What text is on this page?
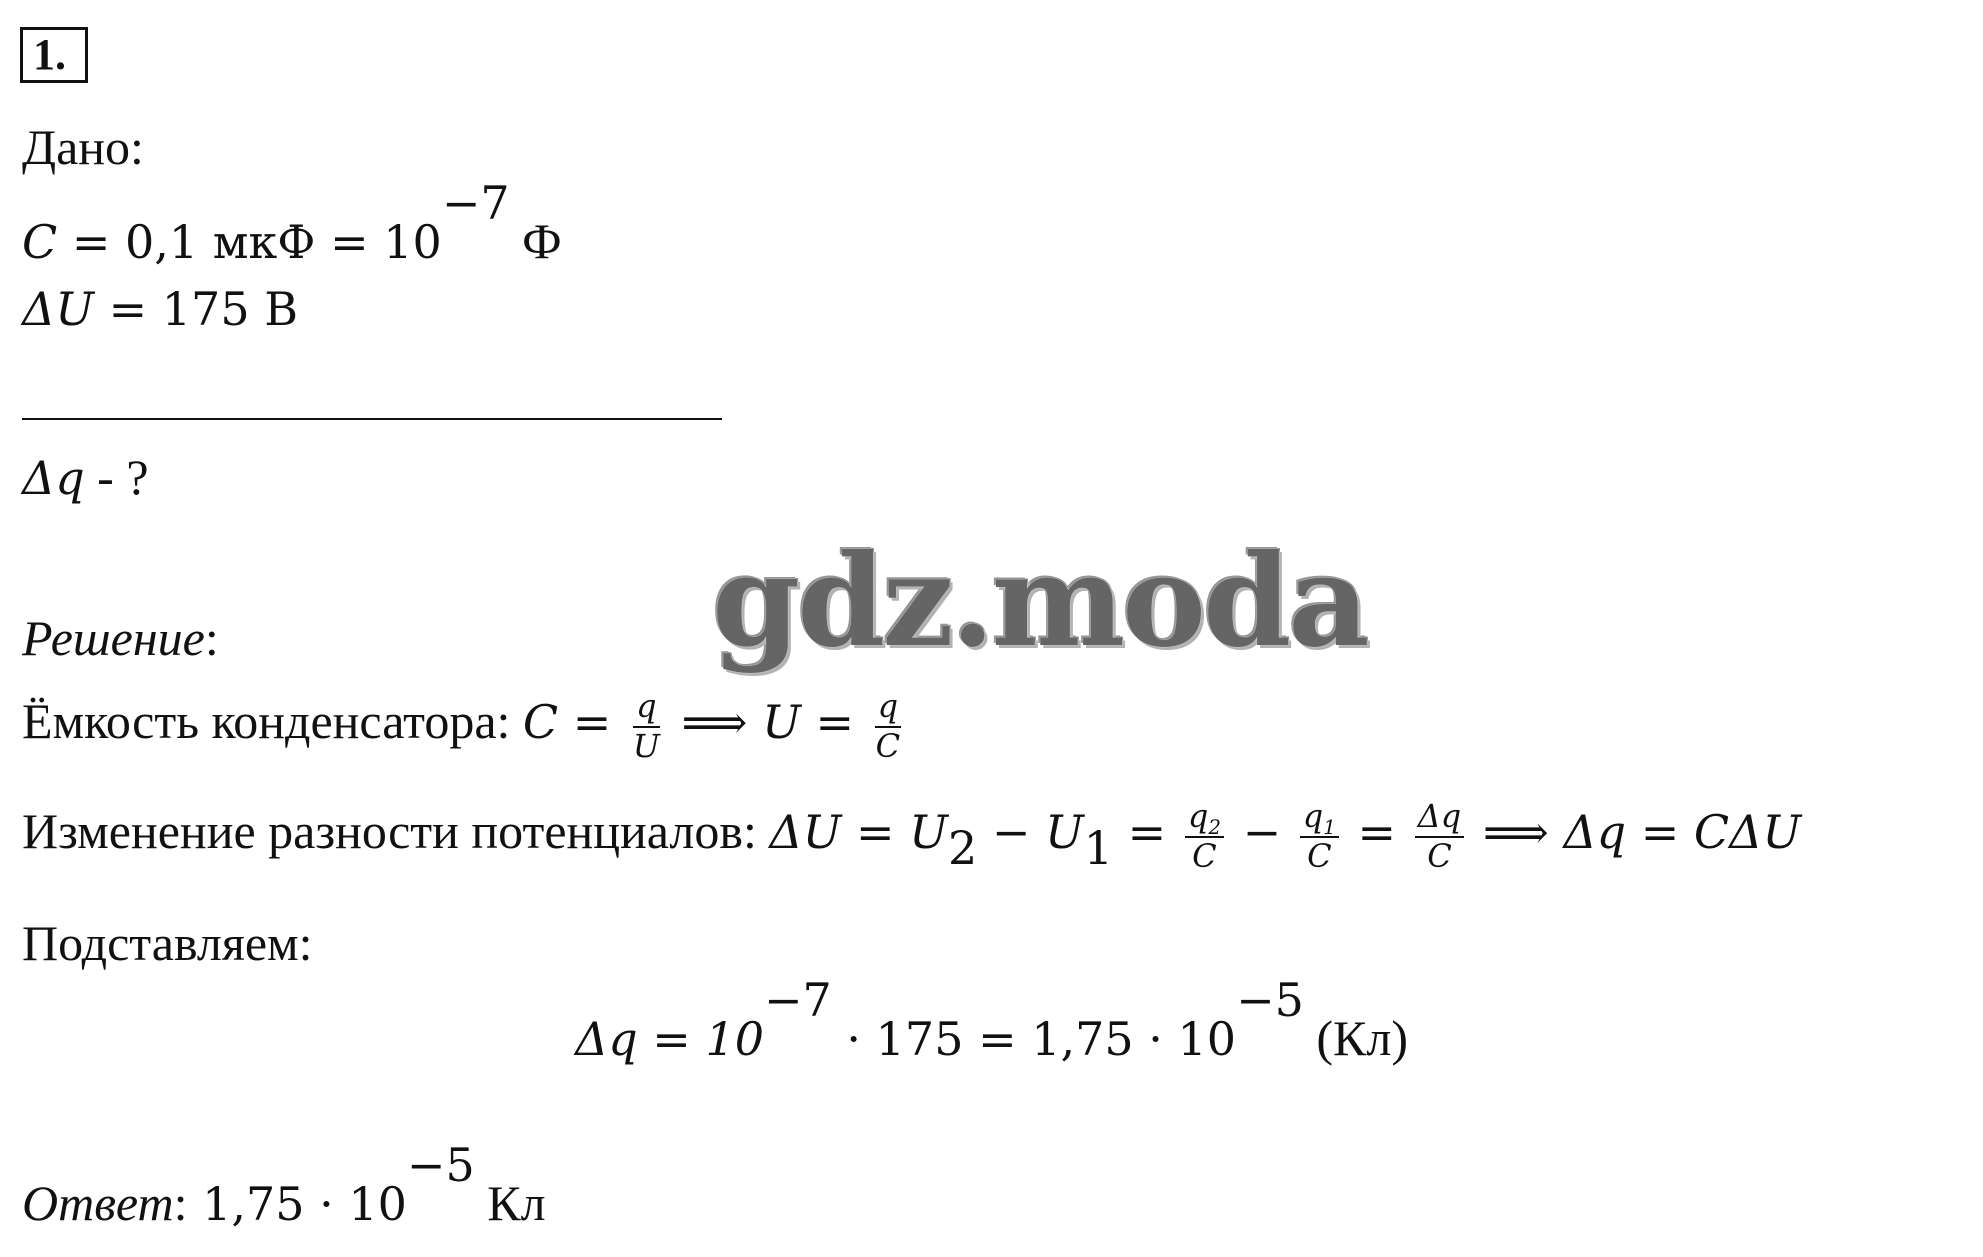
1.
Дано:
C = 0,1 мкФ = $10^{-7}$ Ф
ΔU = 175 В
Δq - ?
gdz.moda
Решение:
Ёмкость конденсатора: $C = \frac{q}{U}$ ⟹ $U = \frac{q}{C}$
Изменение разности потенциалов: $\Delta U = U_2 - U_1 = \frac{q_2}{C} - \frac{q_1}{C} = \frac{\Delta q}{C}$ ⟹ Δq = CΔU
Подставляем:
$\Delta q = 10^{-7} \cdot 175 = 1,75 \cdot 10^{-5}$ (Кл)
Ответ: $1,75 \cdot 10^{-5}$ Кл
